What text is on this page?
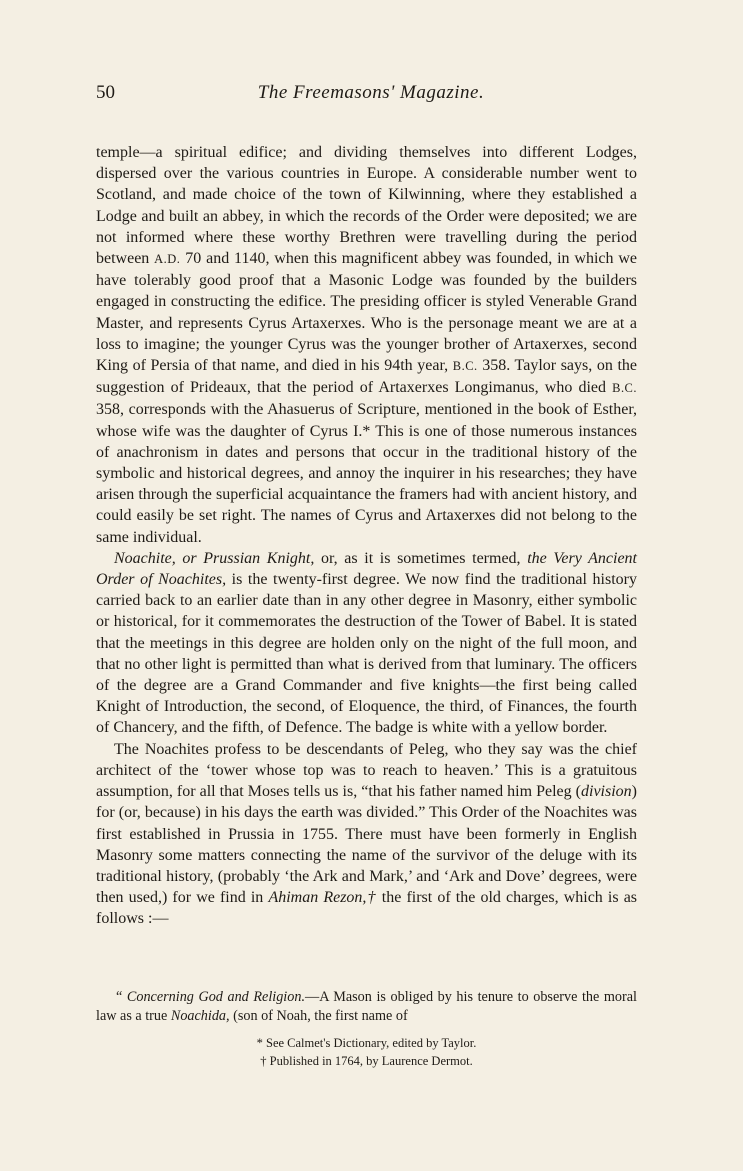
50	The Freemasons' Magazine.

temple—a spiritual edifice; and dividing themselves into different Lodges, dispersed over the various countries in Europe. A considerable number went to Scotland, and made choice of the town of Kilwinning, where they established a Lodge and built an abbey, in which the records of the Order were deposited; we are not informed where these worthy Brethren were travelling during the period between A.D. 70 and 1140, when this magnificent abbey was founded, in which we have tolerably good proof that a Masonic Lodge was founded by the builders engaged in constructing the edifice. The presiding officer is styled Venerable Grand Master, and represents Cyrus Artaxerxes. Who is the personage meant we are at a loss to imagine; the younger Cyrus was the younger brother of Artaxerxes, second King of Persia of that name, and died in his 94th year, B.C. 358. Taylor says, on the suggestion of Prideaux, that the period of Artaxerxes Longimanus, who died B.C. 358, corresponds with the Ahasuerus of Scripture, mentioned in the book of Esther, whose wife was the daughter of Cyrus I.* This is one of those numerous instances of anachronism in dates and persons that occur in the traditional history of the symbolic and historical degrees, and annoy the inquirer in his researches; they have arisen through the superficial acquaintance the framers had with ancient history, and could easily be set right. The names of Cyrus and Artaxerxes did not belong to the same individual.

Noachite, or Prussian Knight, or, as it is sometimes termed, the Very Ancient Order of Noachites, is the twenty-first degree. We now find the traditional history carried back to an earlier date than in any other degree in Masonry, either symbolic or historical, for it commemorates the destruction of the Tower of Babel. It is stated that the meetings in this degree are holden only on the night of the full moon, and that no other light is permitted than what is derived from that luminary. The officers of the degree are a Grand Commander and five knights—the first being called Knight of Introduction, the second, of Eloquence, the third, of Finances, the fourth of Chancery, and the fifth, of Defence. The badge is white with a yellow border.

The Noachites profess to be descendants of Peleg, who they say was the chief architect of the ‘tower whose top was to reach to heaven.’ This is a gratuitous assumption, for all that Moses tells us is, “that his father named him Peleg (division) for (or, because) in his days the earth was divided.” This Order of the Noachites was first established in Prussia in 1755. There must have been formerly in English Masonry some matters connecting the name of the survivor of the deluge with its traditional history, (probably ‘the Ark and Mark,’ and ‘Ark and Dove’ degrees, were then used,) for we find in Ahiman Rezon,† the first of the old charges, which is as follows :—

“ Concerning God and Religion.—A Mason is obliged by his tenure to observe the moral law as a true Noachida, (son of Noah, the first name of
* See Calmet's Dictionary, edited by Taylor.
† Published in 1764, by Laurence Dermot.
